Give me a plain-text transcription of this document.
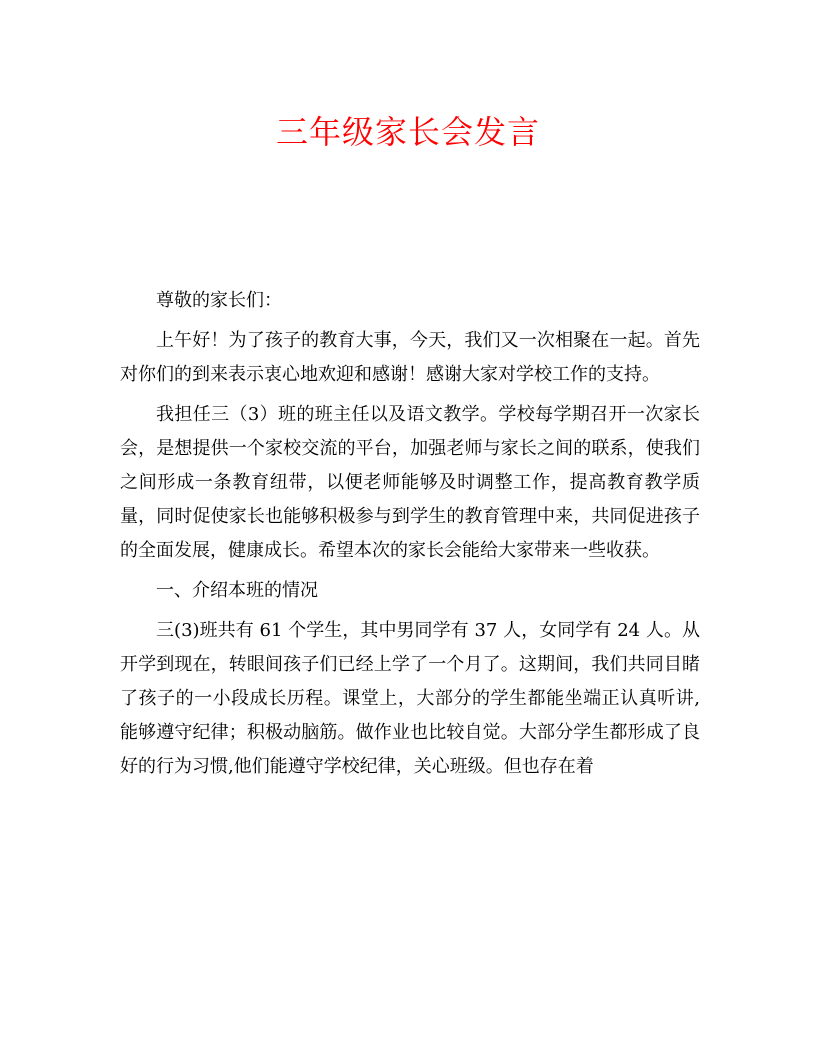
三年级家长会发言

尊敬的家长们：

上午好！为了孩子的教育大事，今天，我们又一次相聚在一起。首先对你们的到来表示衷心地欢迎和感谢！感谢大家对学校工作的支持。

我担任三（3）班的班主任以及语文教学。学校每学期召开一次家长会，是想提供一个家校交流的平台，加强老师与家长之间的联系，使我们之间形成一条教育纽带，以便老师能够及时调整工作，提高教育教学质量，同时促使家长也能够积极参与到学生的教育管理中来，共同促进孩子的全面发展，健康成长。希望本次的家长会能给大家带来一些收获。

一、介绍本班的情况

三(3)班共有 61 个学生，其中男同学有 37 人，女同学有 24 人。从开学到现在，转眼间孩子们已经上学了一个月了。这期间，我们共同目睹了孩子的一小段成长历程。课堂上，大部分的学生都能坐端正认真听讲,能够遵守纪律；积极动脑筋。做作业也比较自觉。大部分学生都形成了良好的行为习惯,他们能遵守学校纪律，关心班级。但也存在着
